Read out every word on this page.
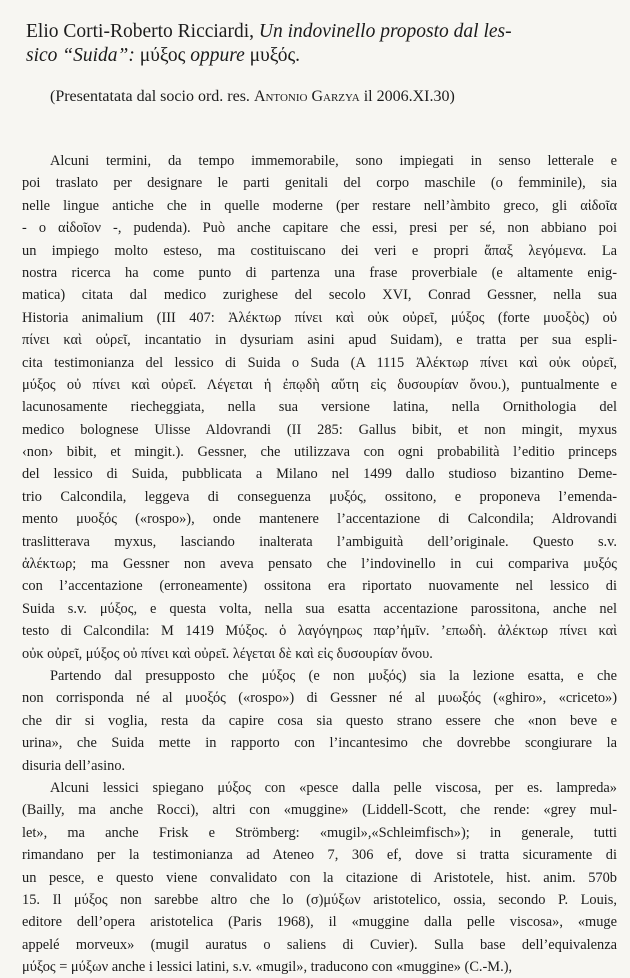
Elio Corti-Roberto Ricciardi, Un indovinello proposto dal les-
sico “Suida”: μύξος oppure μυξός.

(Presentatata dal socio ord. res. Antonio Garzya il 2006.XI.30)

Alcuni termini, da tempo immemorabile, sono impiegati in senso letterale e
poi traslato per designare le parti genitali del corpo maschile (o femminile), sia
nelle lingue antiche che in quelle moderne (per restare nell’àmbito greco, gli αἰδοῖα
- o αἰδοῖον -, pudenda). Può anche capitare che essi, presi per sé, non abbiano poi
un impiego molto esteso, ma costituiscano dei veri e propri ἅπαξ λεγόμενα. La
nostra ricerca ha come punto di partenza una frase proverbiale (e altamente enig-
matica) citata dal medico zurighese del secolo XVI, Conrad Gessner, nella sua
Historia animalium (III 407: Ἀλέκτωρ πίνει καὶ οὐκ οὐρεῖ, μύξος (forte μυοξὸς) οὐ
πίνει καὶ οὐρεῖ, incantatio in dysuriam asini apud Suidam), e tratta per sua espli-
cita testimonianza del lessico di Suida o Suda (A 1115 Ἀλέκτωρ πίνει καὶ οὐκ οὐρεῖ,
μύξος οὐ πίνει καὶ οὐρεῖ. Λέγεται ἡ ἐπῳδὴ αὕτη εἰς δυσουρίαν ὄνου.), puntualmente e
lacunosamente riecheggiata, nella sua versione latina, nella Ornithologia del
medico bolognese Ulisse Aldovrandi (II 285: Gallus bibit, et non mingit, myxus
‹non› bibit, et mingit.). Gessner, che utilizzava con ogni probabilità l’editio princeps
del lessico di Suida, pubblicata a Milano nel 1499 dallo studioso bizantino Deme-
trio Calcondila, leggeva di conseguenza μυξός, ossitono, e proponeva l’emenda-
mento μυοξός («rospo»), onde mantenere l’accentazione di Calcondila; Aldrovandi
traslitterava myxus, lasciando inalterata l’ambiguità dell’originale. Questo s.v.
ἀλέκτωρ; ma Gessner non aveva pensato che l’indovinello in cui compariva μυξός
con l’accentazione (erroneamente) ossitona era riportato nuovamente nel lessico di
Suida s.v. μύξος, e questa volta, nella sua esatta accentazione parossitona, anche nel
testo di Calcondila: M 1419 Μύξος. ὁ λαγόγηρως παρ’ἡμῖν. ’επωδὴ. ἀλέκτωρ πίνει καὶ
οὐκ οὐρεῖ, μύξος οὐ πίνει καὶ οὐρεῖ. λέγεται δὲ καὶ εἰς δυσουρίαν ὄνου.
Partendo dal presupposto che μύξος (e non μυξός) sia la lezione esatta, e che
non corrisponda né al μυοξός («rospo») di Gessner né al μυωξός («ghiro», «criceto»)
che dir si voglia, resta da capire cosa sia questo strano essere che «non beve e
urina», che Suida mette in rapporto con l’incantesimo che dovrebbe scongiurare la
disuria dell’asino.
Alcuni lessici spiegano μύξος con «pesce dalla pelle viscosa, per es. lampreda»
(Bailly, ma anche Rocci), altri con «muggine» (Liddell-Scott, che rende: «grey mul-
let», ma anche Frisk e Strömberg: «mugil»,«Schleimfisch»); in generale, tutti
rimandano per la testimonianza ad Ateneo 7, 306 ef, dove si tratta sicuramente di
un pesce, e questo viene convalidato con la citazione di Aristotele, hist. anim. 570b
15. Il μύξος non sarebbe altro che lo (σ)μύξων aristotelico, ossia, secondo P. Louis,
editore dell’opera aristotelica (Paris 1968), il «muggine dalla pelle viscosa», «muge
appelé morveux» (mugil auratus o saliens di Cuvier). Sulla base dell’equivalenza
μύξος = μύξων anche i lessici latini, s.v. «mugil», traducono con «muggine» (C.-M.),
